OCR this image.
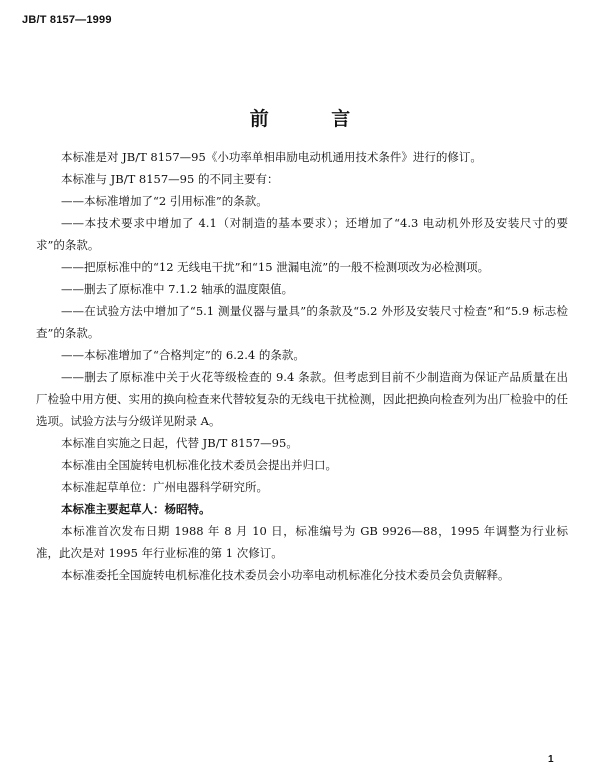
JB/T 8157—1999
前 言

本标准是对 JB/T 8157—95《小功率单相串励电动机通用技术条件》进行的修订。

本标准与 JB/T 8157—95 的不同主要有：

——本标准增加了“2 引用标准”的条款。

——本技术要求中增加了 4.1（对制造的基本要求）；还增加了“4.3 电动机外形及安装尺寸的要求”的条款。

——把原标准中的“12 无线电干扰”和“15 泄漏电流”的一般不检测项改为必检测项。

——删去了原标准中 7.1.2 轴承的温度限值。

——在试验方法中增加了“5.1 测量仪器与量具”的条款及“5.2 外形及安装尺寸检查”和“5.9 标志检查”的条款。

——本标准增加了“合格判定”的 6.2.4 的条款。

——删去了原标准中关于火花等级检查的 9.4 条款。但考虑到目前不少制造商为保证产品质量在出厂检验中用方便、实用的换向检查来代替较复杂的无线电干扰检测，因此把换向检查列为出厂检验中的任选项。试验方法与分级详见附录 A。

本标准自实施之日起，代替 JB/T 8157—95。

本标准由全国旋转电机标准化技术委员会提出并归口。

本标准起草单位：广州电器科学研究所。

本标准主要起草人：杨昭特。

本标准首次发布日期 1988 年 8 月 10 日，标准编号为 GB 9926—88，1995 年调整为行业标准，此次是对 1995 年行业标准的第 1 次修订。

本标准委托全国旋转电机标准化技术委员会小功率电动机标准化分技术委员会负责解释。

1
